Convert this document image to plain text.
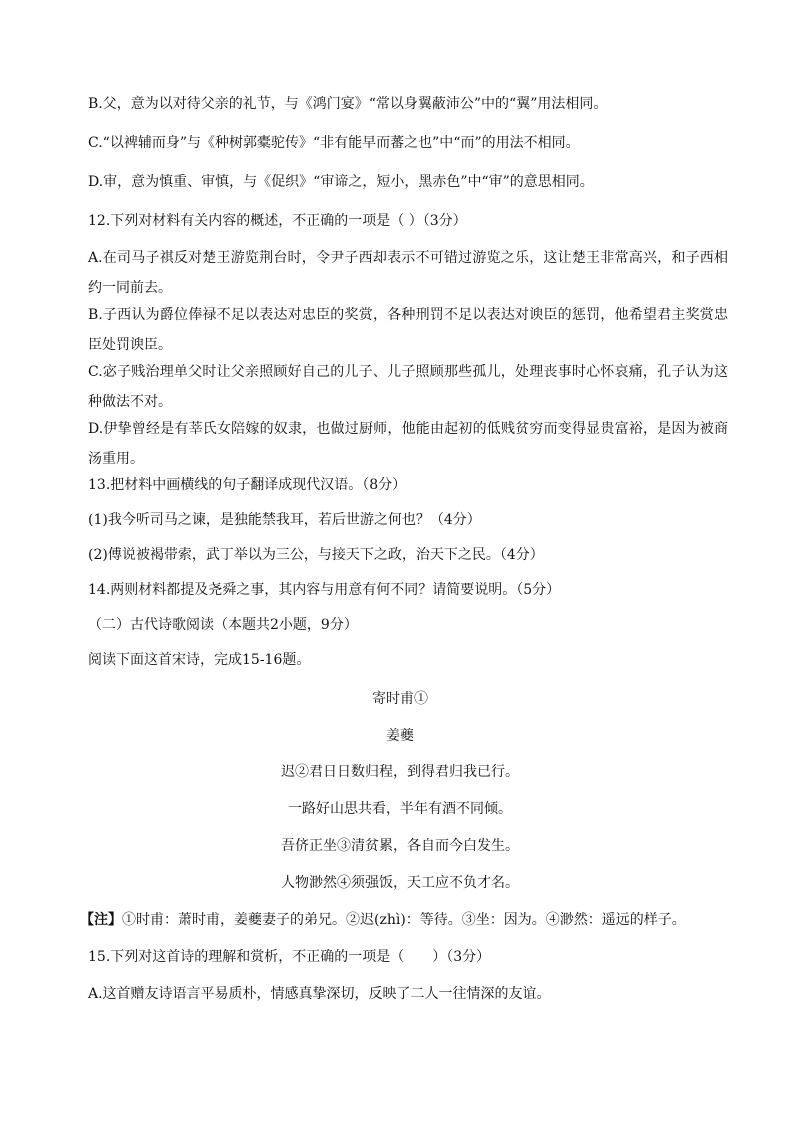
B.父，意为以对待父亲的礼节，与《鸿门宴》“常以身翼蔽沛公”中的“翼”用法相同。
C.“以裨辅而身”与《种树郭橐驼传》“非有能早而蕃之也”中“而”的用法不相同。
D.审，意为慎重、审慎，与《促织》“审谛之，短小，黑赤色”中“审”的意思相同。
12.下列对材料有关内容的概述，不正确的一项是（ ）（3分）
A.在司马子祺反对楚王游览荆台时，令尹子西却表示不可错过游览之乐，这让楚王非常高兴，和子西相约一同前去。
B.子西认为爵位俸禄不足以表达对忠臣的奖赏，各种刑罚不足以表达对谀臣的惩罚，他希望君主奖赏忠臣处罚谀臣。
C.宓子贱治理单父时让父亲照顾好自己的儿子、儿子照顾那些孤儿，处理丧事时心怀哀痛，孔子认为这种做法不对。
D.伊挚曾经是有莘氏女陪嫁的奴隶，也做过厨师，他能由起初的低贱贫穷而变得显贵富裕，是因为被商汤重用。
13.把材料中画横线的句子翻译成现代汉语。（8分）
(1)我今听司马之谏，是独能禁我耳，若后世游之何也？（4分）
(2)傅说被褐带索，武丁举以为三公，与接天下之政，治天下之民。（4分）
14.两则材料都提及尧舜之事，其内容与用意有何不同？请简要说明。（5分）
（二）古代诗歌阅读（本题共2小题，9分）
阅读下面这首宋诗，完成15-16题。
寄时甫①
姜夔
迟②君日日数归程，到得君归我已行。
一路好山思共看，半年有酒不同倾。
吾侪正坐③清贫累，各自而今白发生。
人物渺然④须强饭，天工应不负才名。
【注】①时甫：萧时甫，姜夔妻子的弟兄。②迟(zhì)：等待。③坐：因为。④渺然：遥远的样子。
15.下列对这首诗的理解和赏析，不正确的一项是（　　）（3分）
A.这首赠友诗语言平易质朴，情感真挚深切，反映了二人一往情深的友谊。
